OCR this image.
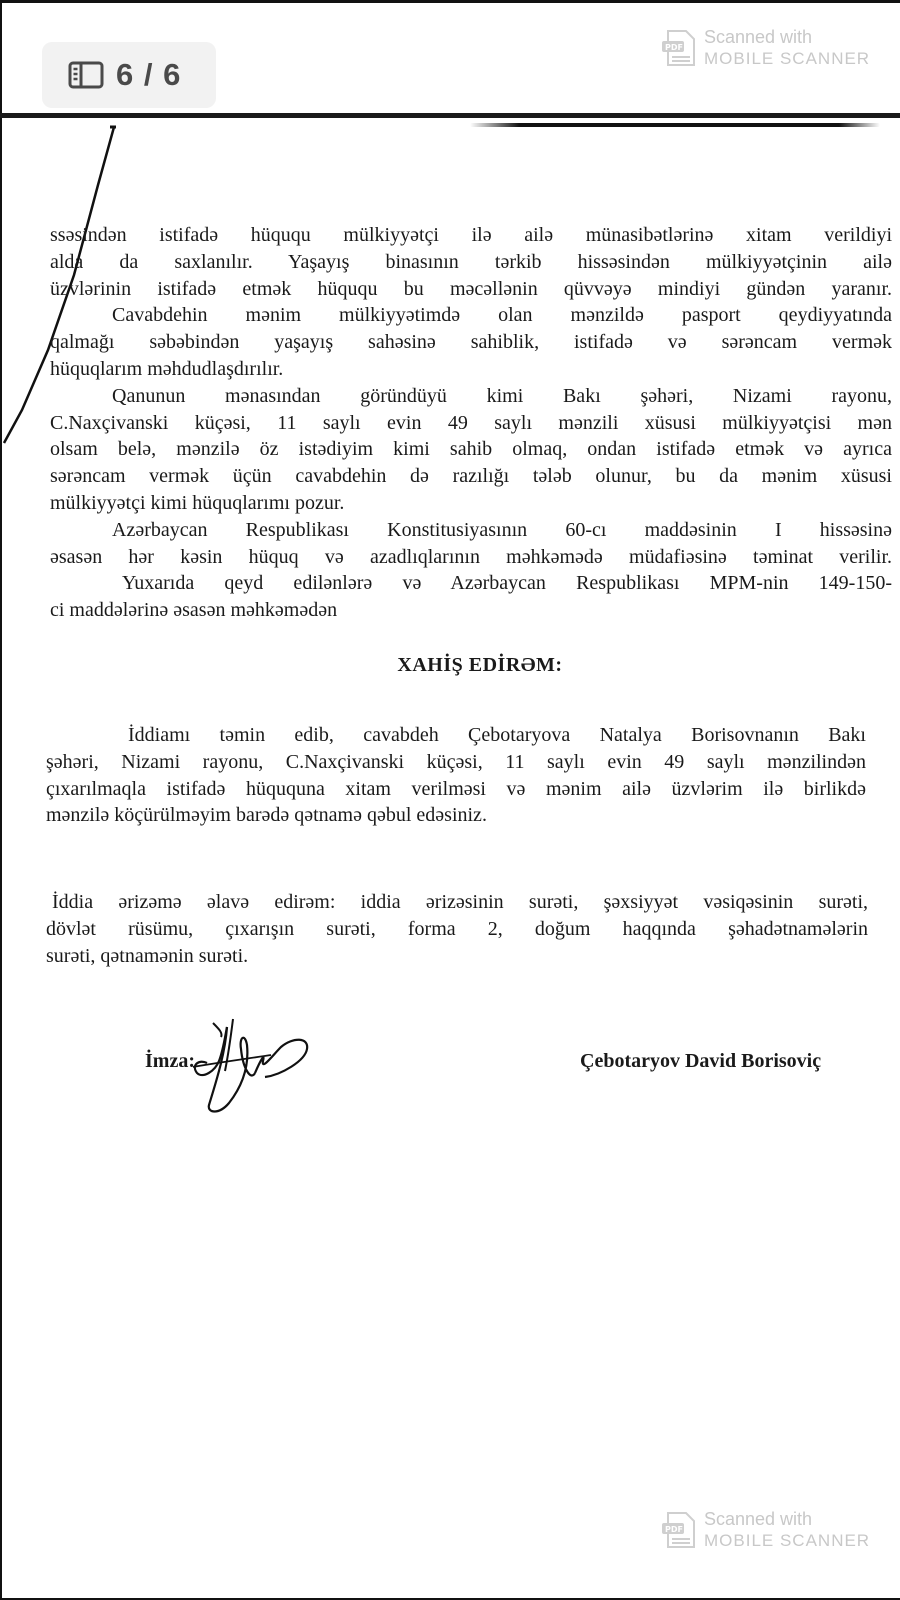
6 / 6
PDF
Scanned with
MOBILE SCANNER
ssəsindən istifadə hüququ mülkiyyətçi ilə ailə münasibətlərinə xitam verildiyi
alda da saxlanılır. Yaşayış binasının tərkib hissəsindən mülkiyyətçinin ailə
üzvlərinin istifadə etmək hüququ bu məcəllənin qüvvəyə mindiyi gündən yaranır.
Cavabdehin mənim mülkiyyətimdə olan mənzildə pasport qeydiyyatında
qalmağı səbəbindən yaşayış sahəsinə sahiblik, istifadə və sərəncam vermək
hüquqlarım məhdudlaşdırılır.
Qanunun mənasından göründüyü kimi Bakı şəhəri, Nizami rayonu,
C.Naxçivanski küçəsi, 11 saylı evin 49 saylı mənzili xüsusi mülkiyyətçisi mən
olsam belə, mənzilə öz istədiyim kimi sahib olmaq, ondan istifadə etmək və ayrıca
sərəncam vermək üçün cavabdehin də razılığı tələb olunur, bu da mənim xüsusi
mülkiyyətçi kimi hüquqlarımı pozur.
Azərbaycan Respublikası Konstitusiyasının 60-cı maddəsinin I hissəsinə
əsasən hər kəsin hüquq və azadlıqlarının məhkəmədə müdafiəsinə təminat verilir.
Yuxarıda qeyd edilənlərə və Azərbaycan Respublikası MPM-nin 149-150-
ci maddələrinə əsasən məhkəmədən
XAHİŞ EDİRƏM:
İddiamı təmin edib, cavabdeh Çebotaryova Natalya Borisovnanın Bakı
şəhəri, Nizami rayonu, C.Naxçivanski küçəsi, 11 saylı evin 49 saylı mənzilindən
çıxarılmaqla istifadə hüququna xitam verilməsi və mənim ailə üzvlərim ilə birlikdə
mənzilə köçürülməyim barədə qətnamə qəbul edəsiniz.
İddia ərizəmə əlavə edirəm: iddia ərizəsinin surəti, şəxsiyyət vəsiqəsinin surəti,
dövlət rüsümu, çıxarışın surəti, forma 2, doğum haqqında şəhadətnamələrin
surəti, qətnamənin surəti.
İmza:	Çebotaryov David Borisoviç
PDF
Scanned with
MOBILE SCANNER
